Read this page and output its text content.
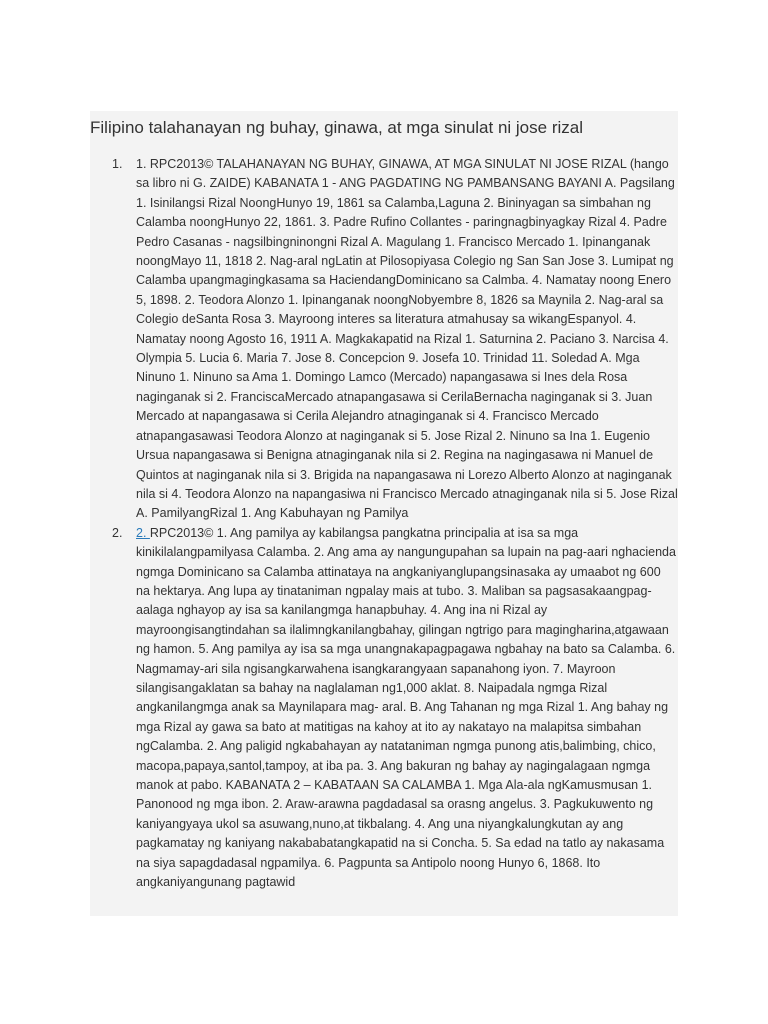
Filipino talahanayan ng buhay, ginawa, at mga sinulat ni jose rizal
1. 1. RPC2013© TALAHANAYAN NG BUHAY, GINAWA, AT MGA SINULAT NI JOSE RIZAL (hango sa libro ni G. ZAIDE) KABANATA 1 - ANG PAGDATING NG PAMBANSANG BAYANI A. Pagsilang 1. Isinilangsi Rizal NoongHunyo 19, 1861 sa Calamba,Laguna 2. Bininyagan sa simbahan ng Calamba noongHunyo 22, 1861. 3. Padre Rufino Collantes - paringnagbinyagkay Rizal 4. Padre Pedro Casanas - nagsilbingninongni Rizal A. Magulang 1. Francisco Mercado 1. Ipinanganak noongMayo 11, 1818 2. Nag-aral ngLatin at Pilosopiyasa Colegio ng San San Jose 3. Lumipat ng Calamba upangmagingkasama sa HaciendangDominicano sa Calmba. 4. Namatay noong Enero 5, 1898. 2. Teodora Alonzo 1. Ipinanganak noongNobyembre 8, 1826 sa Maynila 2. Nag-aral sa Colegio deSanta Rosa 3. Mayroong interes sa literatura atmahusay sa wikangEspanyol. 4. Namatay noong Agosto 16, 1911 A. Magkakapatid na Rizal 1. Saturnina 2. Paciano 3. Narcisa 4. Olympia 5. Lucia 6. Maria 7. Jose 8. Concepcion 9. Josefa 10. Trinidad 11. Soledad A. Mga Ninuno 1. Ninuno sa Ama 1. Domingo Lamco (Mercado) napangasawa si Ines dela Rosa naginganak si 2. FranciscaMercado atnapangasawa si CerilaBernacha naginganak si 3. Juan Mercado at napangasawa si Cerila Alejandro atnaginganak si 4. Francisco Mercado atnapangasawasi Teodora Alonzo at naginganak si 5. Jose Rizal 2. Ninuno sa Ina 1. Eugenio Ursua napangasawa si Benigna atnaginganak nila si 2. Regina na nagingasawa ni Manuel de Quintos at naginganak nila si 3. Brigida na napangasawa ni Lorezo Alberto Alonzo at naginganak nila si 4. Teodora Alonzo na napangasiwa ni Francisco Mercado atnaginganak nila si 5. Jose Rizal A. PamilyangRizal 1. Ang Kabuhayan ng Pamilya
2. 2. RPC2013© 1. Ang pamilya ay kabilangsa pangkatna principalia at isa sa mga kinikilalangpamilyasa Calamba. 2. Ang ama ay nangungupahan sa lupain na pag-aari nghacienda ngmga Dominicano sa Calamba attinataya na angkaniyanglupangsinasaka ay umaabot ng 600 na hektarya. Ang lupa ay tinataniman ngpalay mais at tubo. 3. Maliban sa pagsasakaangpag-aalaga nghayop ay isa sa kanilangmga hanapbuhay. 4. Ang ina ni Rizal ay mayroongisangtindahan sa ilalimngkanilangbahay, gilingan ngtrigo para magingharina,atgawaan ng hamon. 5. Ang pamilya ay isa sa mga unangnakapagpagawa ngbahay na bato sa Calamba. 6. Nagmamay-ari sila ngisangkarwahena isangkarangyaan sapanahong iyon. 7. Mayroon silangisangaklatan sa bahay na naglalaman ng1,000 aklat. 8. Naipadala ngmga Rizal angkanilangmga anak sa Maynilapara mag- aral. B. Ang Tahanan ng mga Rizal 1. Ang bahay ng mga Rizal ay gawa sa bato at matitigas na kahoy at ito ay nakatayo na malapitsa simbahan ngCalamba. 2. Ang paligid ngkabahayan ay natataniman ngmga punong atis,balimbing, chico, macopa,papaya,santol,tampoy, at iba pa. 3. Ang bakuran ng bahay ay nagingalagaan ngmga manok at pabo. KABANATA 2 – KABATAAN SA CALAMBA 1. Mga Ala-ala ngKamusmusan 1. Panonood ng mga ibon. 2. Araw-arawna pagdadasal sa orasng angelus. 3. Pagkukuwento ng kaniyangyaya ukol sa asuwang,nuno,at tikbalang. 4. Ang una niyangkalungkutan ay ang pagkamatay ng kaniyang nakababatangkapatid na si Concha. 5. Sa edad na tatlo ay nakasama na siya sapagdadasal ngpamilya. 6. Pagpunta sa Antipolo noong Hunyo 6, 1868. Ito angkaniyangunang pagtawid
